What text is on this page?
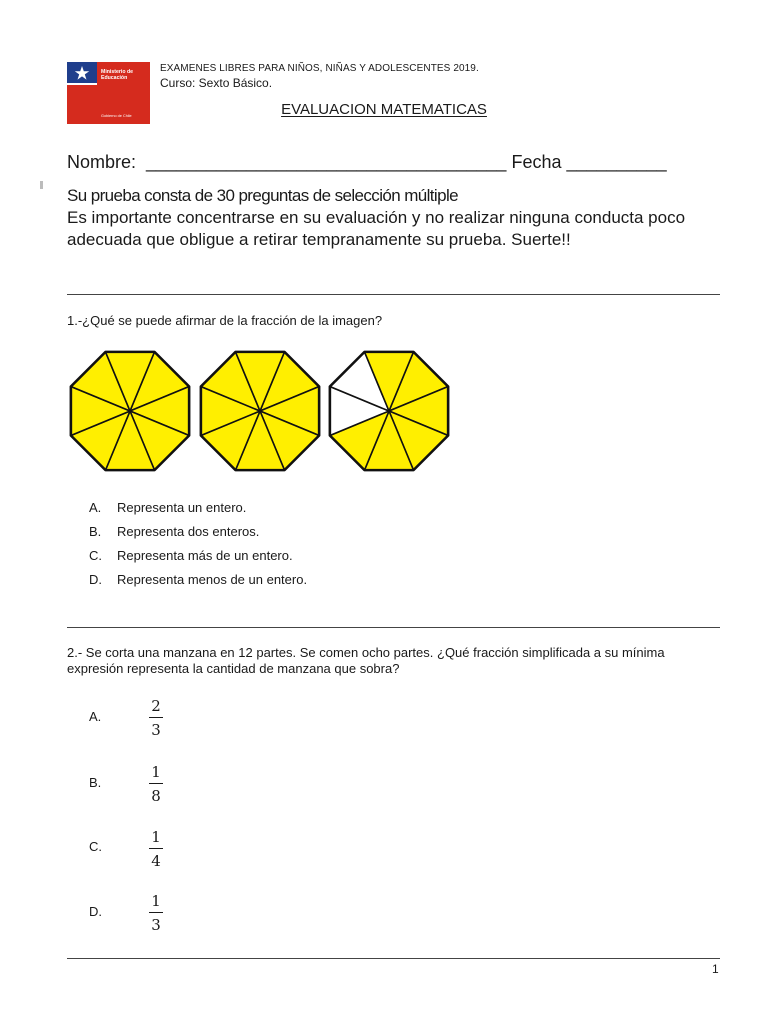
Ministerio de
Educación
Gobierno de Chile
EXAMENES LIBRES PARA NIÑOS, NIÑAS Y ADOLESCENTES 2019.
Curso: Sexto Básico.
EVALUACION MATEMATICAS
Nombre: ____________________________________ Fecha __________
Su prueba consta de 30 preguntas de selección múltiple
Es importante concentrarse en su evaluación y no realizar ninguna conducta poco
adecuada que obligue a retirar tempranamente su prueba. Suerte!!
1.-¿Qué se puede afirmar de la fracción de la imagen?
A. Representa un entero.
B. Representa dos enteros.
C. Representa más de un entero.
D. Representa menos de un entero.
2.- Se corta una manzana en 12 partes. Se comen ocho partes. ¿Qué fracción simplificada a su mínima
expresión representa la cantidad de manzana que sobra?
A.
2
3
B.
1
8
C.
1
4
D.
1
3
1
